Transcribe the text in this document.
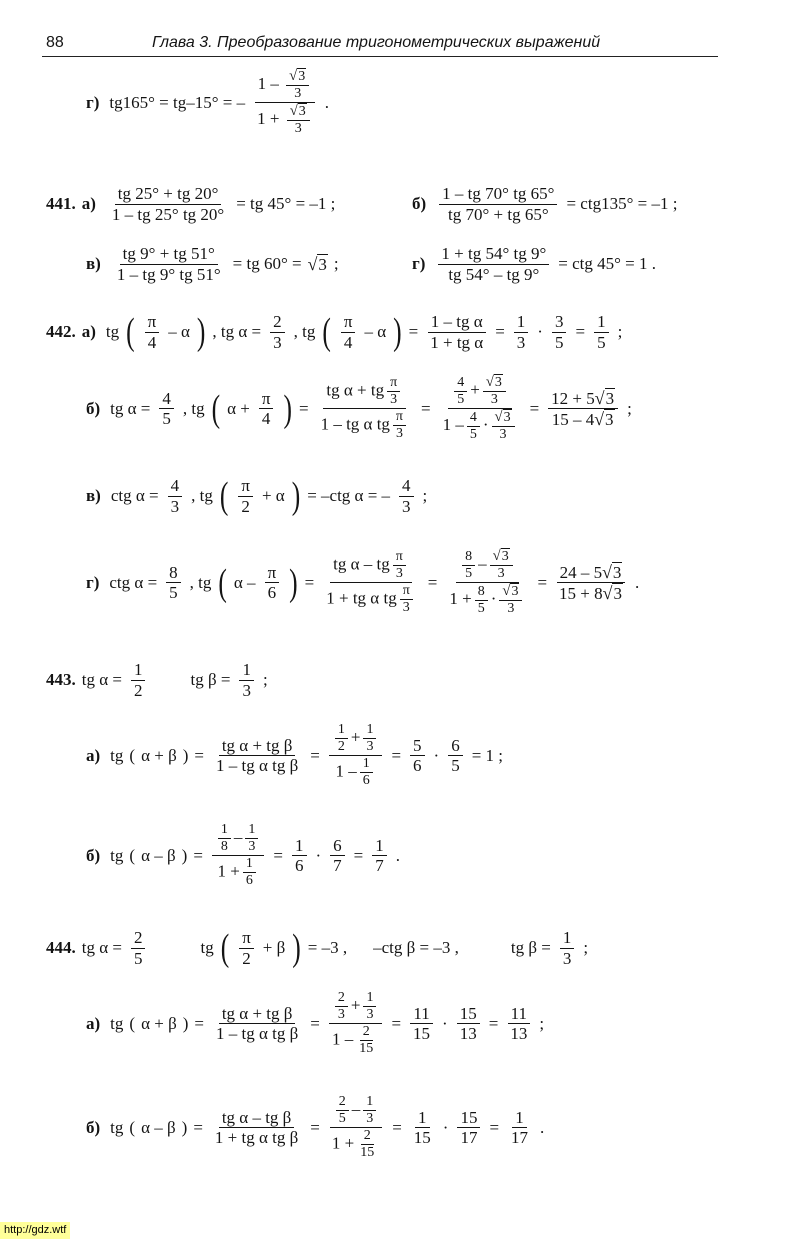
88	Глава 3. Преобразование тригонометрических выражений
г) tg165° = tg–15° = –
$1 - \frac{√3}{3}$
$1 + \frac{√3}{3}$
.
441. $а) \frac{tg 25^\circ + tg 20^\circ}{1 - tg 25^\circ tg 20^\circ}$ = tg 45° = –1 ;	$б) \frac{1 - tg 70^\circ tg 65^\circ}{tg 70^\circ + tg 65^\circ} = ctg135^\circ = -1$ ;
$в) \frac{tg 9^\circ + tg 51^\circ}{1 - tg 9^\circ tg 51^\circ}$ = tg 60° = √3 ;	$г) \frac{1 + tg 54^\circ tg 9^\circ}{tg 54^\circ - tg 9^\circ}$ = ctg 45° = 1 .
442. а) tg ( π
4
– α ) , tg $\alpha = \frac{2}{3}$ , tg ( π
4
– α ) = $\frac{\text{1 – tg α}}{\text{1 + tg α}} = \frac{1}{3} \cdot \frac{3}{5} = \frac{1}{5}$ ;
б) tg $\alpha = \frac{4}{5}$ , tg ( $\alpha + \frac{\pi}{4}$ ) =
tg α + tg $\frac{\pi}{3}$
1 – tg α tg $\frac{\pi}{3}$
= $\frac{\frac{4}{5} + \frac{√3}{3}}{1 - \frac{4}{5} \cdot \frac{√3}{3}} = \frac{12 + 5√3}{15 - 4√3}$ ;
в) ctg $\alpha = \frac{4}{3}$ , tg ( π
2
+ α ) = –ctg α = –
4
3
;
г) ctg $\alpha = \frac{8}{5}$ , tg ( α –
π
6 ) =
tg α – tg $\frac{\pi}{3}$
1 + tg α tg $\frac{\pi}{3}$
= $\frac{\frac{8}{5} - \frac{√3}{3}}{1 + \frac{8}{5} \cdot \frac{√3}{3}} = \frac{24 - 5√3}{15 + 8√3}$ .
443. tg $\alpha = \frac{1}{2}$	tg $\beta = \frac{1}{3}$ ;
а) tg ( α + β ) = $\frac{\text{tg α + tg β}}{\text{1 – tg α tg β}} = \frac{\frac{1}{2} + \frac{1}{3}}{1 - \frac{1}{6}} = \frac{5}{6} \cdot \frac{6}{5} = 1$ ;
б) tg ( α – β ) = $\frac{\frac{1}{8} - \frac{1}{3}}{1 + \frac{1}{6}} = \frac{1}{6} \cdot \frac{6}{7} = \frac{1}{7}$ .
444. tg $\alpha = \frac{2}{5}$	tg ( π
2
+ β ) = –3 , –ctg β = –3 ,	tg $\beta = \frac{1}{3}$ ;
а) tg ( α + β ) = $\frac{\text{tg α + tg β}}{\text{1 – tg α tg β}} = \frac{\frac{2}{3} + \frac{1}{3}}{1 - \frac{2}{15}} = \frac{11}{15} \cdot \frac{15}{13} = \frac{11}{13}$ ;
б) tg ( α – β ) = $\frac{\text{tg α – tg β}}{\text{1 + tg α tg β}} = \frac{\frac{2}{5} - \frac{1}{3}}{1 + \frac{2}{15}} = \frac{1}{15} \cdot \frac{15}{17} = \frac{1}{17}$ .
http://gdz.wtf
